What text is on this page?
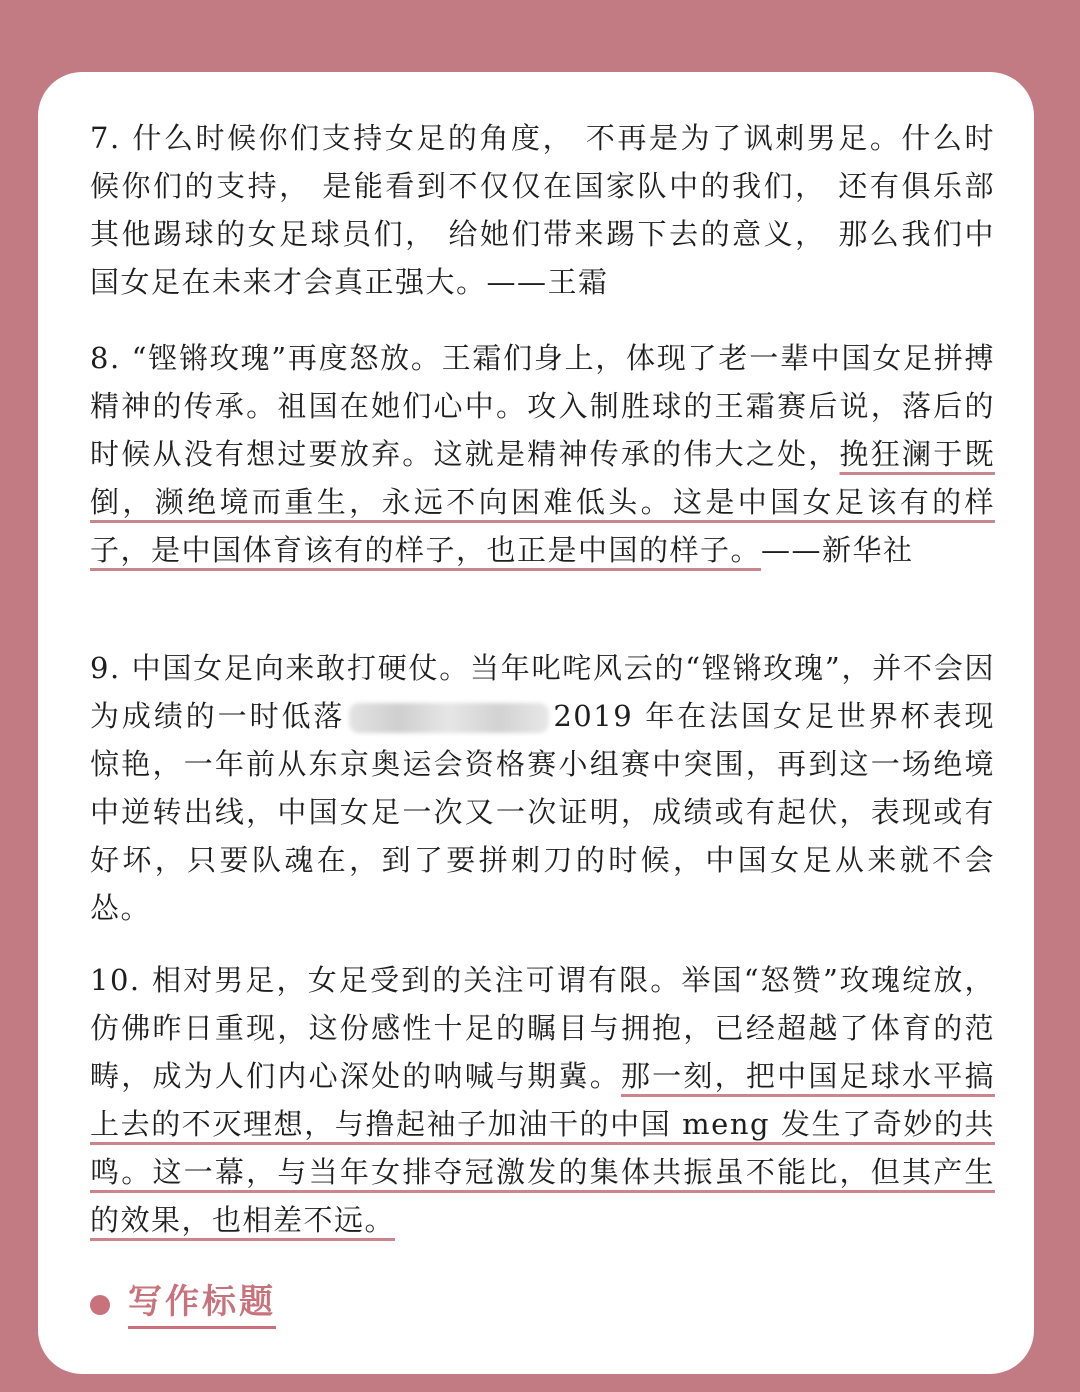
7. 什么时候你们支持女足的角度， 不再是为了讽刺男足。什么时候你们的支持， 是能看到不仅仅在国家队中的我们， 还有俱乐部其他踢球的女足球员们， 给她们带来踢下去的意义， 那么我们中国女足在未来才会真正强大。——王霜

8. “铿锵玫瑰”再度怒放。王霜们身上，体现了老一辈中国女足拼搏精神的传承。祖国在她们心中。攻入制胜球的王霜赛后说，落后的时候从没有想过要放弃。这就是精神传承的伟大之处，挽狂澜于既倒，濒绝境而重生，永远不向困难低头。这是中国女足该有的样子，是中国体育该有的样子，也正是中国的样子。——新华社

9. 中国女足向来敢打硬仗。当年叱咤风云的“铿锵玫瑰”，并不会因为成绩的一时低落	2019 年在法国女足世界杯表现惊艳，一年前从东京奥运会资格赛小组赛中突围，再到这一场绝境中逆转出线，中国女足一次又一次证明，成绩或有起伏，表现或有好坏，只要队魂在，到了要拼刺刀的时候，中国女足从来就不会怂。

10. 相对男足，女足受到的关注可谓有限。举国“怒赞”玫瑰绽放，仿佛昨日重现，这份感性十足的瞩目与拥抱，已经超越了体育的范畴，成为人们内心深处的呐喊与期冀。那一刻，把中国足球水平搞上去的不灭理想，与撸起袖子加油干的中国 meng 发生了奇妙的共鸣。这一幕，与当年女排夺冠激发的集体共振虽不能比，但其产生的效果，也相差不远。

写作标题
